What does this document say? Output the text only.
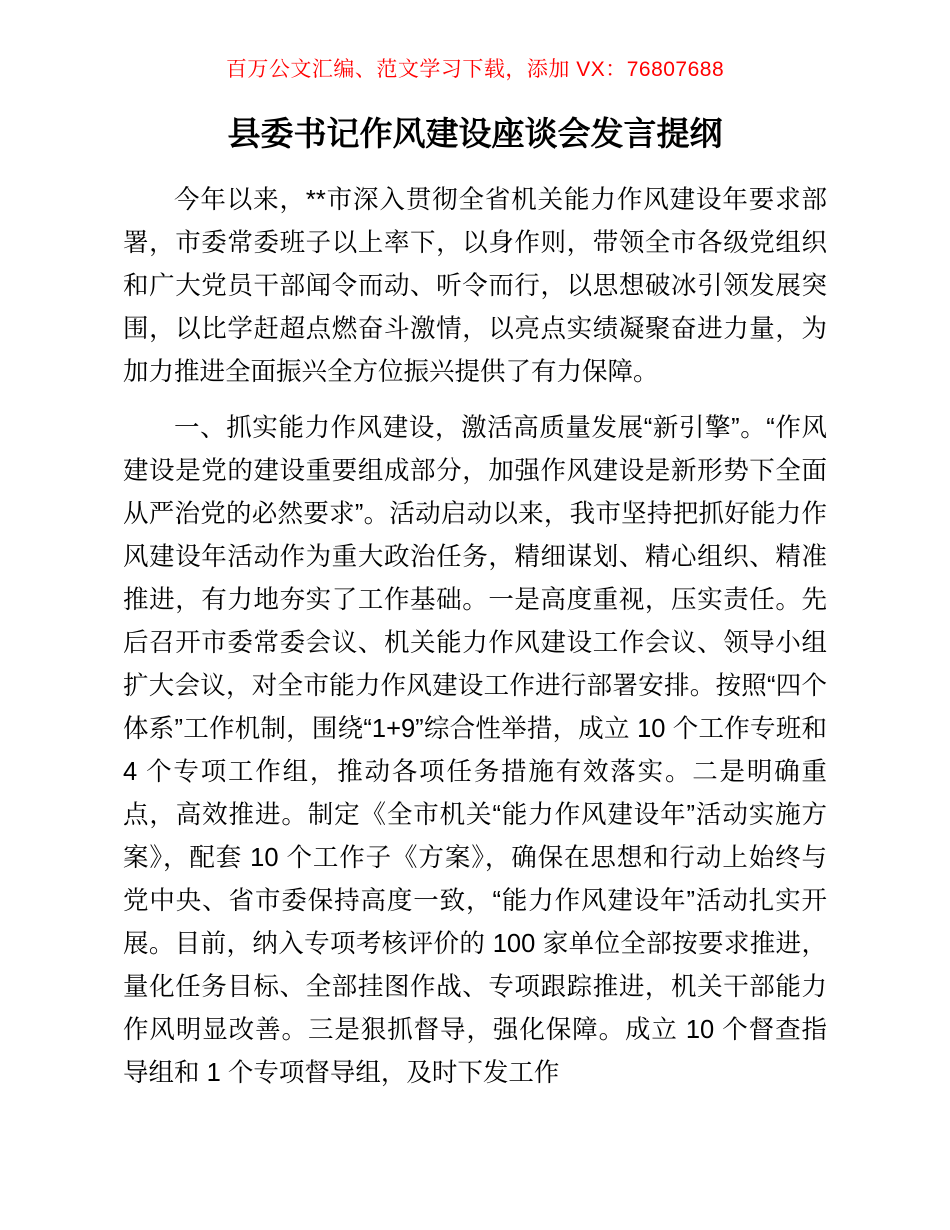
百万公文汇编、范文学习下载，添加 VX：76807688
县委书记作风建设座谈会发言提纲

今年以来，**市深入贯彻全省机关能力作风建设年要求部署，市委常委班子以上率下，以身作则，带领全市各级党组织和广大党员干部闻令而动、听令而行，以思想破冰引领发展突围，以比学赶超点燃奋斗激情，以亮点实绩凝聚奋进力量，为加力推进全面振兴全方位振兴提供了有力保障。

一、抓实能力作风建设，激活高质量发展“新引擎”。“作风建设是党的建设重要组成部分，加强作风建设是新形势下全面从严治党的必然要求”。活动启动以来，我市坚持把抓好能力作风建设年活动作为重大政治任务，精细谋划、精心组织、精准推进，有力地夯实了工作基础。一是高度重视，压实责任。先后召开市委常委会议、机关能力作风建设工作会议、领导小组扩大会议，对全市能力作风建设工作进行部署安排。按照“四个体系”工作机制，围绕“1+9”综合性举措，成立 10 个工作专班和 4 个专项工作组，推动各项任务措施有效落实。二是明确重点，高效推进。制定《全市机关“能力作风建设年”活动实施方案》，配套 10 个工作子《方案》，确保在思想和行动上始终与党中央、省市委保持高度一致，“能力作风建设年”活动扎实开展。目前，纳入专项考核评价的 100 家单位全部按要求推进，量化任务目标、全部挂图作战、专项跟踪推进，机关干部能力作风明显改善。三是狠抓督导，强化保障。成立 10 个督查指导组和 1 个专项督导组，及时下发工作
